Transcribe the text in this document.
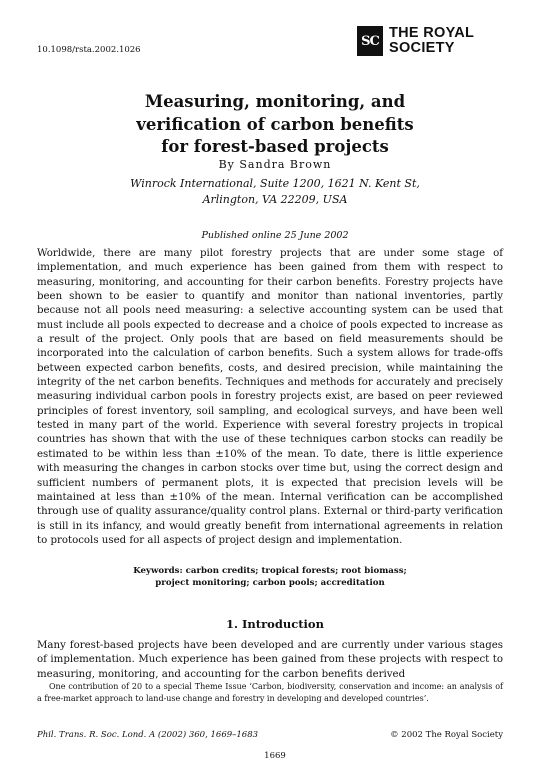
10.1098/rsta.2002.1026
SC THE ROYAL
SOCIETY
Measuring, monitoring, and
verification of carbon benefits
for forest-based projects
By Sandra Brown
Winrock International, Suite 1200, 1621 N. Kent St,
Arlington, VA 22209, USA
Published online 25 June 2002

Worldwide, there are many pilot forestry projects that are under some stage of implementation, and much experience has been gained from them with respect to measuring, monitoring, and accounting for their carbon benefits. Forestry projects have been shown to be easier to quantify and monitor than national inventories, partly because not all pools need measuring: a selective accounting system can be used that must include all pools expected to decrease and a choice of pools expected to increase as a result of the project. Only pools that are based on field measurements should be incorporated into the calculation of carbon benefits. Such a system allows for trade-offs between expected carbon benefits, costs, and desired precision, while maintaining the integrity of the net carbon benefits. Techniques and methods for accurately and precisely measuring individual carbon pools in forestry projects exist, are based on peer reviewed principles of forest inventory, soil sampling, and ecological surveys, and have been well tested in many part of the world. Experience with several forestry projects in tropical countries has shown that with the use of these techniques carbon stocks can readily be estimated to be within less than ±10% of the mean. To date, there is little experience with measuring the changes in carbon stocks over time but, using the correct design and sufficient numbers of permanent plots, it is expected that precision levels will be maintained at less than ±10% of the mean. Internal verification can be accomplished through use of quality assurance/quality control plans. External or third-party verification is still in its infancy, and would greatly benefit from international agreements in relation to protocols used for all aspects of project design and implementation.

Keywords: carbon credits; tropical forests; root biomass;
project monitoring; carbon pools; accreditation
1. Introduction

Many forest-based projects have been developed and are currently under various stages of implementation. Much experience has been gained from these projects with respect to measuring, monitoring, and accounting for the carbon benefits derived

One contribution of 20 to a special Theme Issue ‘Carbon, biodiversity, conservation and income: an analysis of a free-market approach to land-use change and forestry in developing and developed countries’.

Phil. Trans. R. Soc. Lond. A (2002) 360, 1669–1683	© 2002 The Royal Society
1669
